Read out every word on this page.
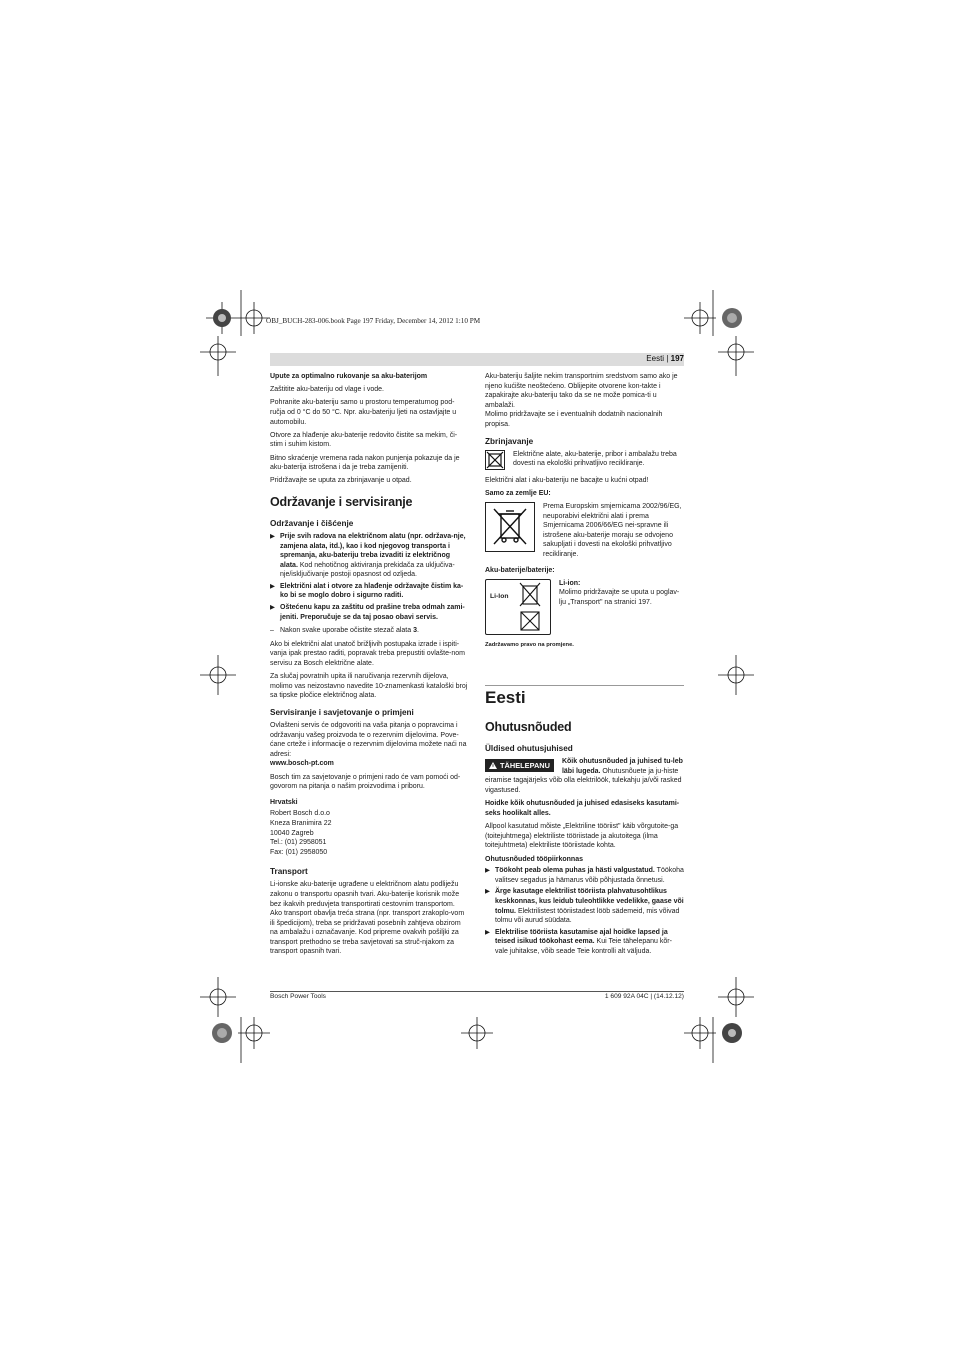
OBJ_BUCH-283-006.book Page 197 Friday, December 14, 2012 1:10 PM
Eesti | 197

Upute za optimalno rukovanje sa aku-baterijom

Zaštitite aku-bateriju od vlage i vode.

Pohranite aku-bateriju samo u prostoru temperaturnog pod-ručja od 0 °C do 50 °C. Npr. aku-bateriju ljeti na ostavljajte u automobilu.

Otvore za hlađenje aku-baterije redovito čistite sa mekim, či-stim i suhim kistom.

Bitno skraćenje vremena rada nakon punjenja pokazuje da je aku-baterija istrošena i da je treba zamijeniti.

Pridržavajte se uputa za zbrinjavanje u otpad.

Održavanje i servisiranje
Održavanje i čišćenje
▶ Prije svih radova na električnom alatu (npr. održava-nje, zamjena alata, itd.), kao i kod njegovog transporta i spremanja, aku-bateriju treba izvaditi iz električnog alata. Kod nehotičnog aktiviranja prekidača za uključiva-nje/isključivanje postoji opasnost od ozljeda.
▶ Električni alat i otvore za hlađenje održavajte čistim ka-ko bi se moglo dobro i sigurno raditi.
▶ Oštećenu kapu za zaštitu od prašine treba odmah zami-jeniti. Preporučuje se da taj posao obavi servis.
– Nakon svake uporabe očistite stezač alata 3.

Ako bi električni alat unatoč brižljivih postupaka izrade i ispiti-vanja ipak prestao raditi, popravak treba prepustiti ovlašte-nom servisu za Bosch električne alate.

Za slučaj povratnih upita ili naručivanja rezervnih dijelova, molimo vas neizostavno navedite 10-znamenkasti kataloški broj sa tipske pločice električnog alata.

Servisiranje i savjetovanje o primjeni

Ovlašteni servis će odgovoriti na vaša pitanja o popravcima i održavanju vašeg proizvoda te o rezervnim dijelovima. Pove-ćane crteže i informacije o rezervnim dijelovima možete naći na adresi:

www.bosch-pt.com

Bosch tim za savjetovanje o primjeni rado će vam pomoći od-govorom na pitanja o našim proizvodima i priboru.

Hrvatski
Robert Bosch d.o.o
Kneza Branimira 22
10040 Zagreb
Tel.: (01) 2958051
Fax: (01) 2958050
Transport

Li-ionske aku-baterije ugrađene u električnom alatu podliježu zakonu o transportu opasnih tvari. Aku-baterije korisnik može bez ikakvih preduvjeta transportirati cestovnim transportom. Ako transport obavlja treća strana (npr. transport zrakoplo-vom ili špedicijom), treba se pridržavati posebnih zahtjeva obzirom na ambalažu i označavanje. Kod pripreme ovakvih pošiljki za transport prethodno se treba savjetovati sa struč-njakom za transport opasnih tvari.

Aku-bateriju šaljite nekim transportnim sredstvom samo ako je njeno kućište neoštećeno. Oblijepite otvorene kon-takte i zapakirajte aku-bateriju tako da se ne može pomica-ti u ambalaži.

Molimo pridržavajte se i eventualnih dodatnih nacionalnih propisa.

Zbrinjavanje
Električne alate, aku-baterije, pribor i ambalažu treba dovesti na ekološki prihvatljivo recikliranje.

Električni alat i aku-bateriju ne bacajte u kućni otpad!

Samo za zemlje EU:

Prema Europskim smjernicama 2002/96/EG, neuporabivi električni alati i prema Smjernicama 2006/66/EG nei-spravne ili istrošene aku-baterije moraju se odvojeno sakupljati i dovesti na ekološki prihvatljivo recikliranje.

Aku-baterije/baterije:

Li-Ion
Li-ion:
Molimo pridržavajte se uputa u poglav-lju „Transport" na stranici 197.

Zadržavamo pravo na promjene.

Eesti
Ohutusnõuded
Üldised ohutusjuhised
TÄHELEPANU Kõik ohutusnõuded ja juhised tu-leb läbi lugeda. Ohutusnõuete ja ju-histe eiramise tagajärjeks võib olla elektrilöök, tulekahju ja/või rasked vigastused.

Hoidke kõik ohutusnõuded ja juhised edasiseks kasutami-seks hoolikalt alles.

Allpool kasutatud mõiste „Elektriline tööriist" käib võrgutoite-ga (toitejuhtmega) elektriliste tööriistade ja akutoitega (ilma toitejuhtmeta) elektriliste tööriistade kohta.

Ohutusnõuded tööpiirkonnas
▶ Töökoht peab olema puhas ja hästi valgustatud. Töökoha valitsev segadus ja hämarus võib põhjustada õnnetusi.
▶ Ärge kasutage elektrilist tööriista plahvatusohtlikus keskkonnas, kus leidub tuleohtlikke vedelikke, gaase või tolmu. Elektrilistest tööriistadest lööb sädemeid, mis võivad tolmu või aurud süüdata.
▶ Elektrilise tööriista kasutamise ajal hoidke lapsed ja teised isikud töökohast eema. Kui Teie tähelepanu kõr-vale juhitakse, võib seade Teie kontrolli alt väljuda.
Bosch Power Tools	1 609 92A 04C | (14.12.12)
